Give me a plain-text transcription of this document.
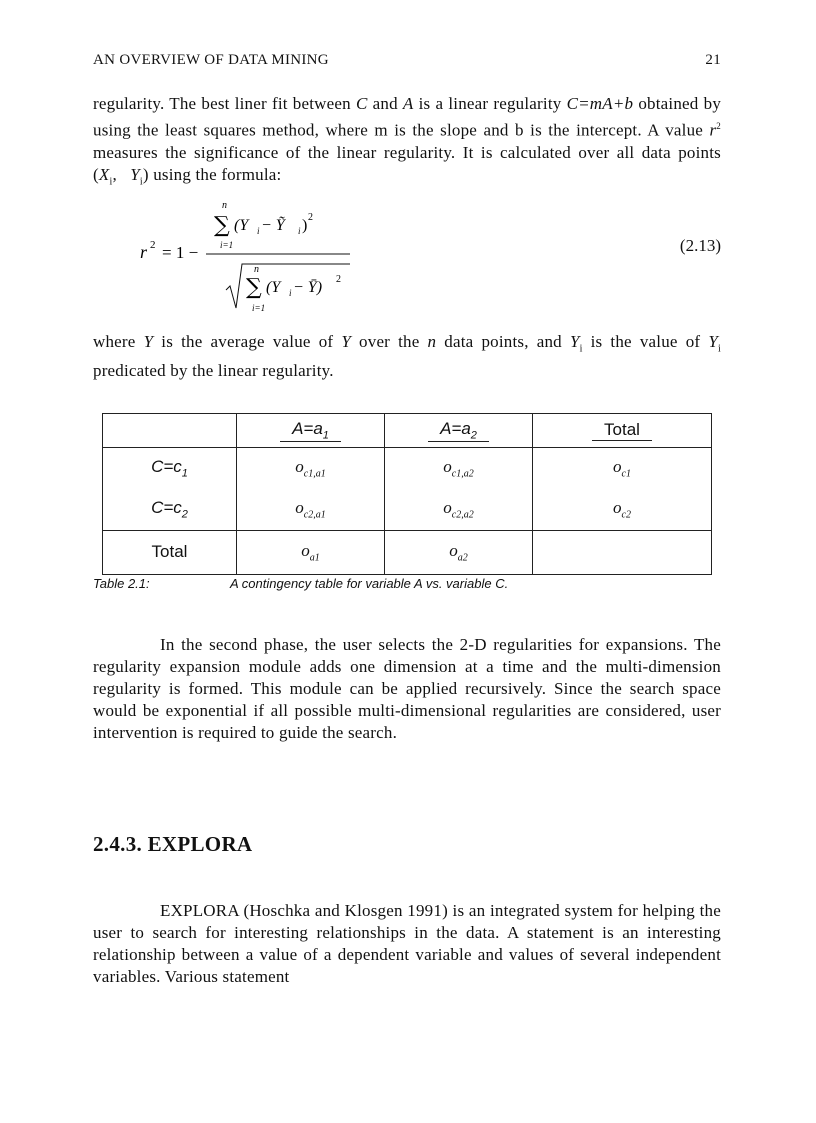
AN OVERVIEW OF DATA MINING	21

regularity. The best liner fit between C and A is a linear regularity C=mA+b obtained by using the least squares method, where m is the slope and b is the intercept. A value $r^2$ measures the significance of the linear regularity. It is calculated over all data points ($X_i$, $Y_i$) using the formula:

r 2 = 1 −
n
∑
i=1
(Y i − Ỹ i ) 2
n
∑
i=1
(Y i − Ȳ) 2
(2.13)

where Y is the average value of Y over the n data points, and $Y_i$ is the value of $Y_i$ predicated by the linear regularity.

	$A=a_1$	$A=a_2$	Total
$C=c_1$	$o_{c1,a1}$	$o_{c1,a2}$	$o_{c1}$
$C=c_2$	$o_{c2,a1}$	$o_{c2,a2}$	$o_{c2}$
Total	$o_{a1}$	$o_{a2}$	
Table 2.1:	A contingency table for variable A vs. variable C.

In the second phase, the user selects the 2-D regularities for expansions. The regularity expansion module adds one dimension at a time and the multi-dimension regularity is formed. This module can be applied recursively. Since the search space would be exponential if all possible multi-dimensional regularities are considered, user intervention is required to guide the search.

2.4.3. EXPLORA

EXPLORA (Hoschka and Klosgen 1991) is an integrated system for helping the user to search for interesting relationships in the data. A statement is an interesting relationship between a value of a dependent variable and values of several independent variables. Various statement
